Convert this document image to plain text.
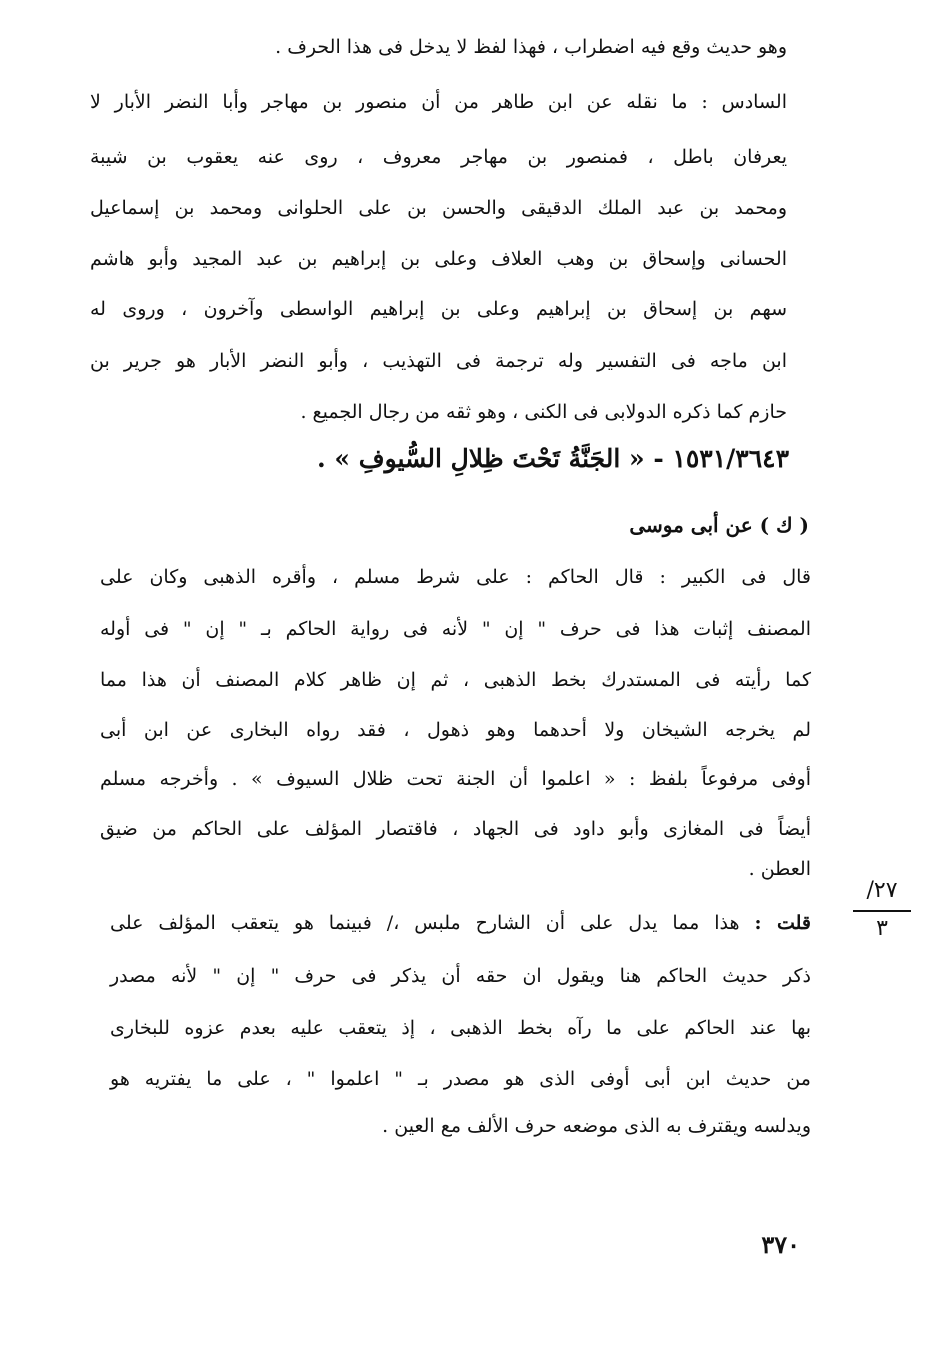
وهو حديث وقع فيه اضطراب ، فهذا لفظ لا يدخل فى هذا الحرف .
السادس : ما نقله عن ابن طاهر من أن منصور بن مهاجر وأبا النضر الأبار لا
يعرفان باطل ، فمنصور بن مهاجر معروف ، روى عنه يعقوب بن شيبة
ومحمد بن عبد الملك الدقيقى والحسن بن على الحلوانى ومحمد بن إسماعيل
الحسانى وإسحاق بن وهب العلاف وعلى بن إبراهيم بن عبد المجيد وأبو هاشم
سهم بن إسحاق بن إبراهيم وعلى بن إبراهيم الواسطى وآخرون ، وروى له
ابن ماجه فى التفسير وله ترجمة فى التهذيب ، وأبو النضر الأبار هو جرير بن
حازم كما ذكره الدولابى فى الكنى ، وهو ثقه من رجال الجميع .
١٥٣١/٣٦٤٣ - « الجَنَّةُ تَحْتَ ظِلالِ السُّيوفِ » .
( ك ) عن أبى موسى
قال فى الكبير : قال الحاكم : على شرط مسلم ، وأقره الذهبى وكان على
المصنف إثبات هذا فى حرف " إن " لأنه فى رواية الحاكم بـ " إن " فى أوله
كما رأيته فى المستدرك بخط الذهبى ، ثم إن ظاهر كلام المصنف أن هذا مما
لم يخرجه الشيخان ولا أحدهما وهو ذهول ، فقد رواه البخارى عن ابن أبى
أوفى مرفوعاً بلفظ : « اعلموا أن الجنة تحت ظلال السيوف » . وأخرجه مسلم
أيضاً فى المغازى وأبو داود فى الجهاد ، فاقتصار المؤلف على الحاكم من ضيق
العطن .
قلت : هذا مما يدل على أن الشارح ملبس ،/ فبينما هو يتعقب المؤلف على
ذكر حديث الحاكم هنا ويقول ان حقه أن يذكر فى حرف " إن " لأنه مصدر
بها عند الحاكم على ما رآه بخط الذهبى ، إذ يتعقب عليه بعدم عزوه للبخارى
من حديث ابن أبى أوفى الذى هو مصدر بـ " اعلموا " ، على ما يفتريه هو
ويدلسه ويقترف به الذى موضعه حرف الألف مع العين .
٢٧/
٣
٣٧٠
